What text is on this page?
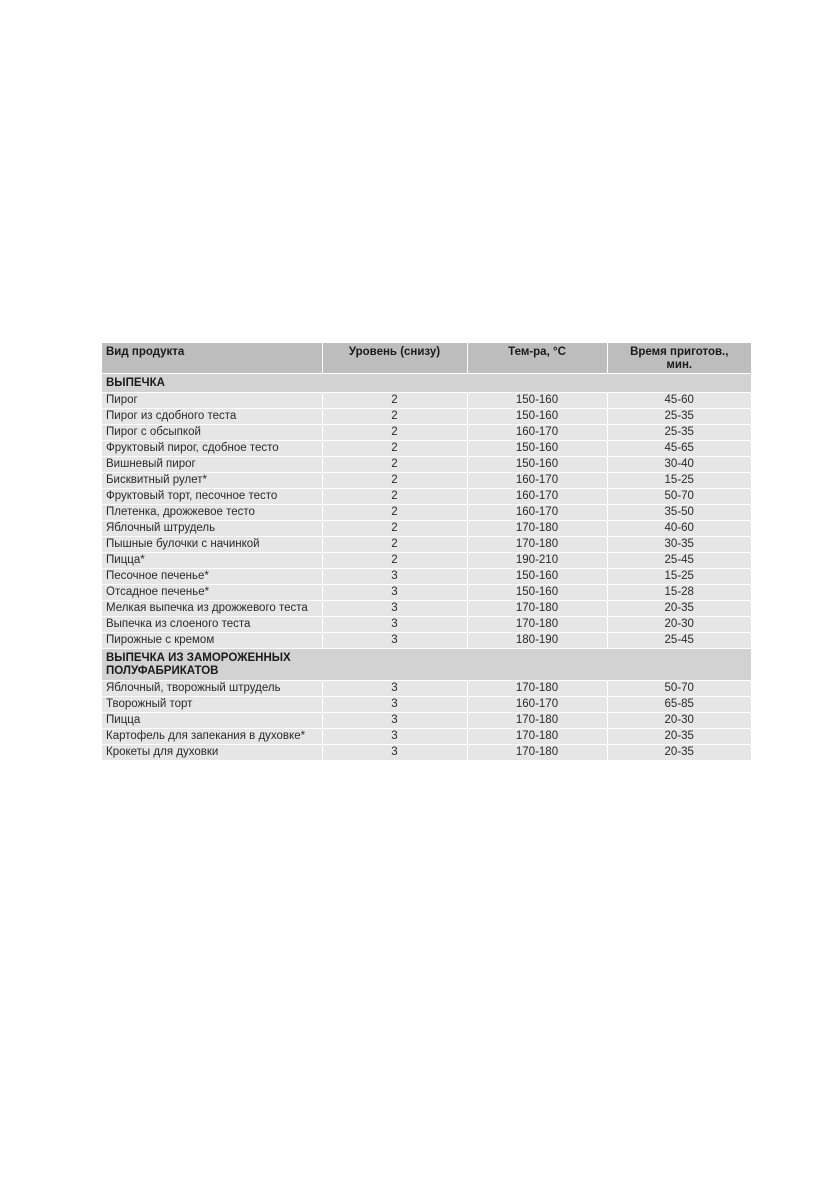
Вид продукта	Уровень (снизу)	Тем-ра, °C	Время приготов.,
мин.
ВЫПЕЧКА			
Пирог	2	150-160	45-60
Пирог из сдобного теста	2	150-160	25-35
Пирог с обсыпкой	2	160-170	25-35
Фруктовый пирог, сдобное тесто	2	150-160	45-65
Вишневый пирог	2	150-160	30-40
Бисквитный рулет*	2	160-170	15-25
Фруктовый торт, песочное тесто	2	160-170	50-70
Плетенка, дрожжевое тесто	2	160-170	35-50
Яблочный штрудель	2	170-180	40-60
Пышные булочки с начинкой	2	170-180	30-35
Пицца*	2	190-210	25-45
Песочное печенье*	3	150-160	15-25
Отсадное печенье*	3	150-160	15-28
Мелкая выпечка из дрожжевого теста	3	170-180	20-35
Выпечка из слоеного теста	3	170-180	20-30
Пирожные с кремом	3	180-190	25-45

ВЫПЕЧКА ИЗ ЗАМОРОЖЕННЫХ ПОЛУФАБРИКАТОВ			

Яблочный, творожный штрудель	3	170-180	50-70
Творожный торт	3	160-170	65-85
Пицца	3	170-180	20-30
Картофель для запекания в духовке*	3	170-180	20-35
Крокеты для духовки	3	170-180	20-35
